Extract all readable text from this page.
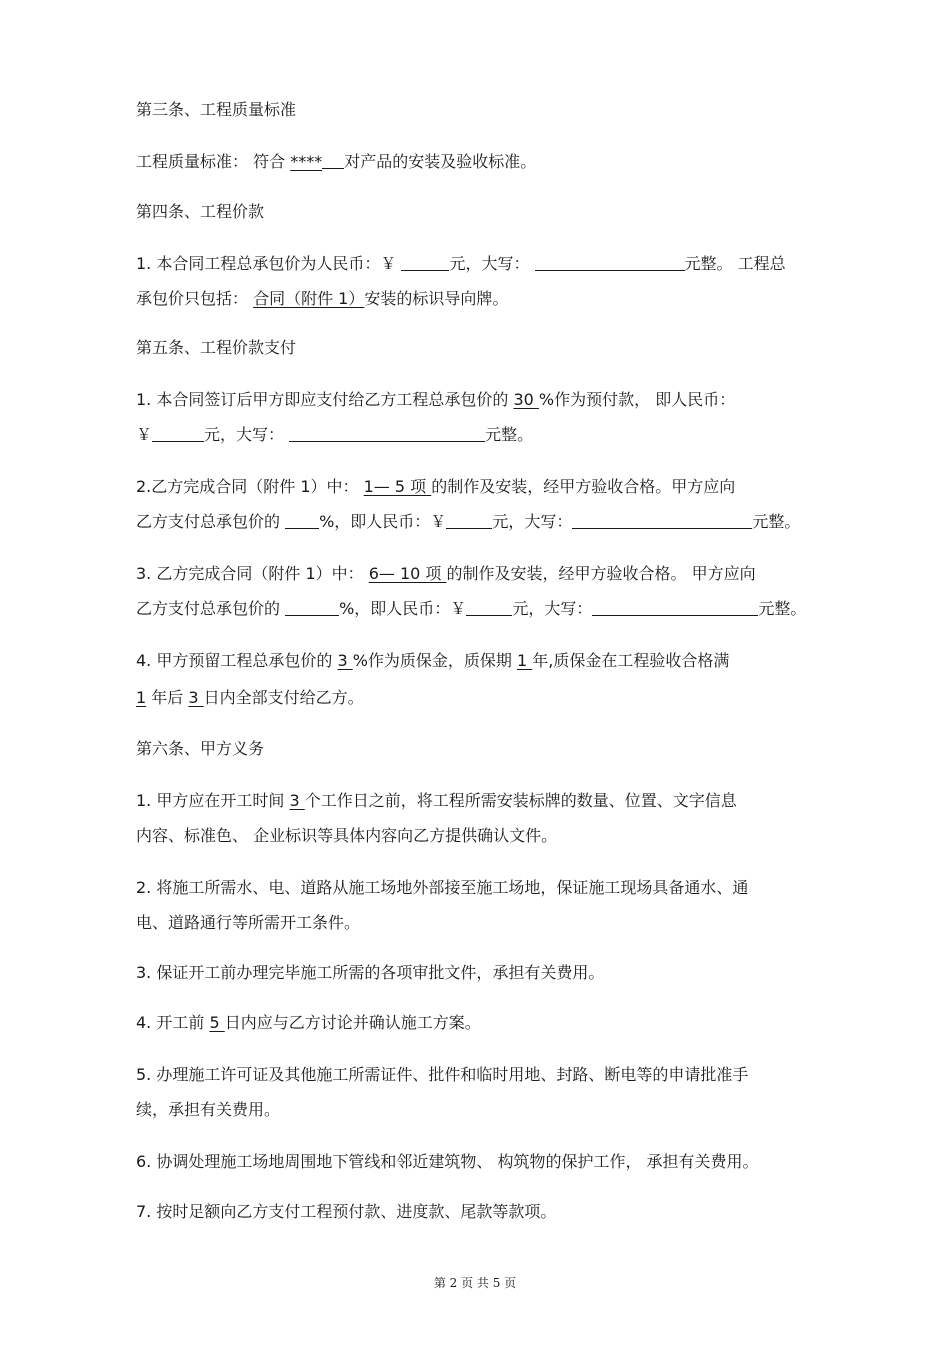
第三条、工程质量标准
工程质量标准： 符合 **** 对产品的安装及验收标准。
第四条、工程价款
1. 本合同工程总承包价为人民币：￥	元，大写：	元整。 工程总
承包价只包括： 合同（附件 1）安装的标识导向牌。
第五条、工程价款支付
1. 本合同签订后甲方即应支付给乙方工程总承包价的 30 %作为预付款， 即人民币：
￥	元，大写：	元整。
2.乙方完成合同（附件 1）中： 1— 5 项 的制作及安装，经甲方验收合格。甲方应向
乙方支付总承包价的 %，即人民币：￥	元，大写：	元整。
3. 乙方完成合同（附件 1）中： 6— 10 项 的制作及安装，经甲方验收合格。 甲方应向
乙方支付总承包价的	%，即人民币：￥	元，大写：	元整。
4. 甲方预留工程总承包价的 3 %作为质保金，质保期 1 年,质保金在工程验收合格满
1 年后 3 日内全部支付给乙方。
第六条、甲方义务
1. 甲方应在开工时间 3 个工作日之前，将工程所需安装标牌的数量、位置、文字信息
内容、标准色、 企业标识等具体内容向乙方提供确认文件。
2. 将施工所需水、电、道路从施工场地外部接至施工场地，保证施工现场具备通水、通
电、道路通行等所需开工条件。
3. 保证开工前办理完毕施工所需的各项审批文件，承担有关费用。
4. 开工前 5 日内应与乙方讨论并确认施工方案。
5. 办理施工许可证及其他施工所需证件、批件和临时用地、封路、断电等的申请批准手
续，承担有关费用。
6. 协调处理施工场地周围地下管线和邻近建筑物、 构筑物的保护工作， 承担有关费用。
7. 按时足额向乙方支付工程预付款、进度款、尾款等款项。
第 2 页 共 5 页
